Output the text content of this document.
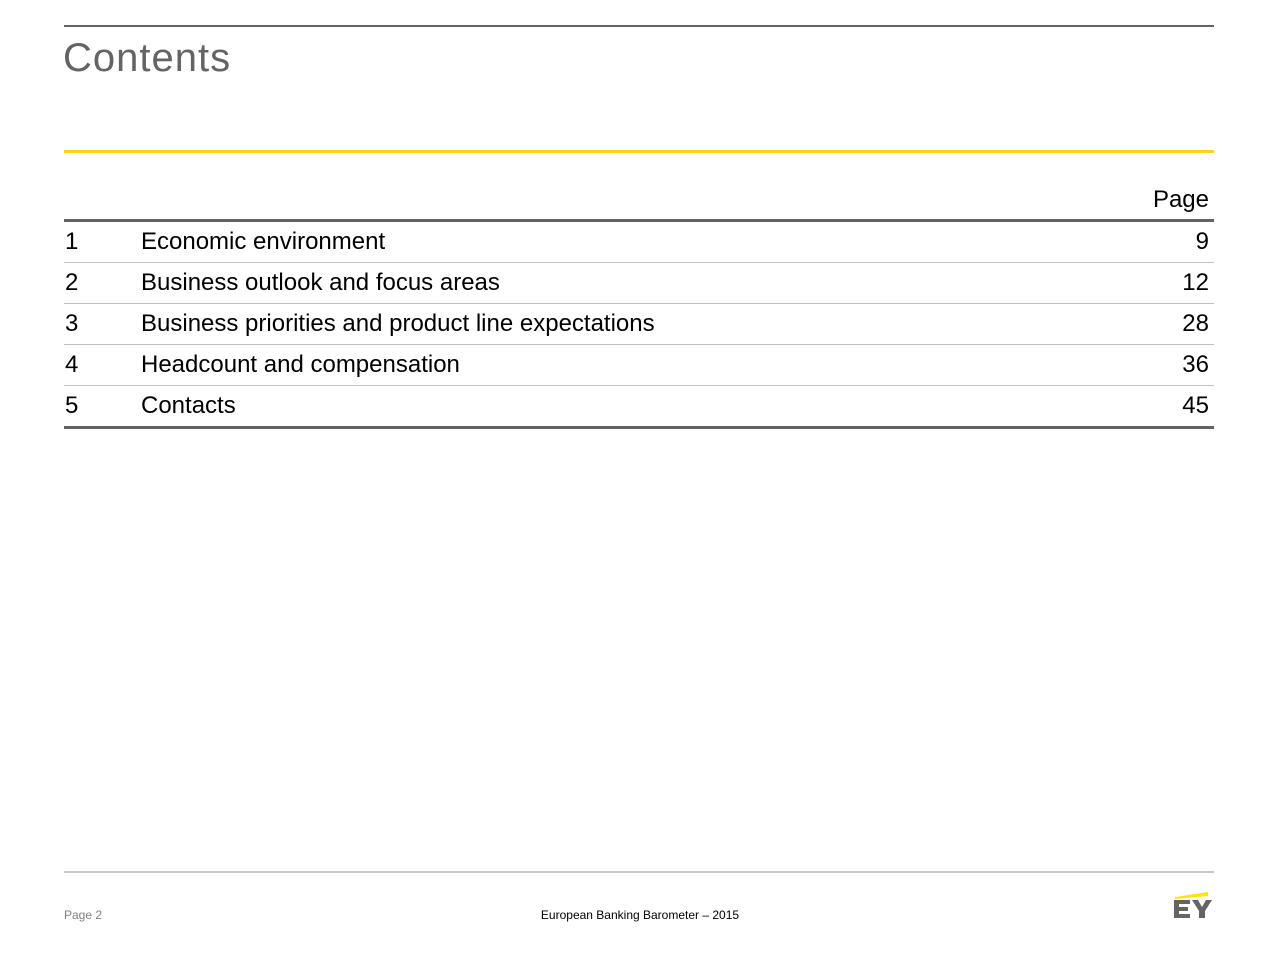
Contents
Page
1	Economic environment	9
2	Business outlook and focus areas	12
3	Business priorities and product line expectations	28
4	Headcount and compensation	36
5	Contacts	45
Page 2	European Banking Barometer – 2015
